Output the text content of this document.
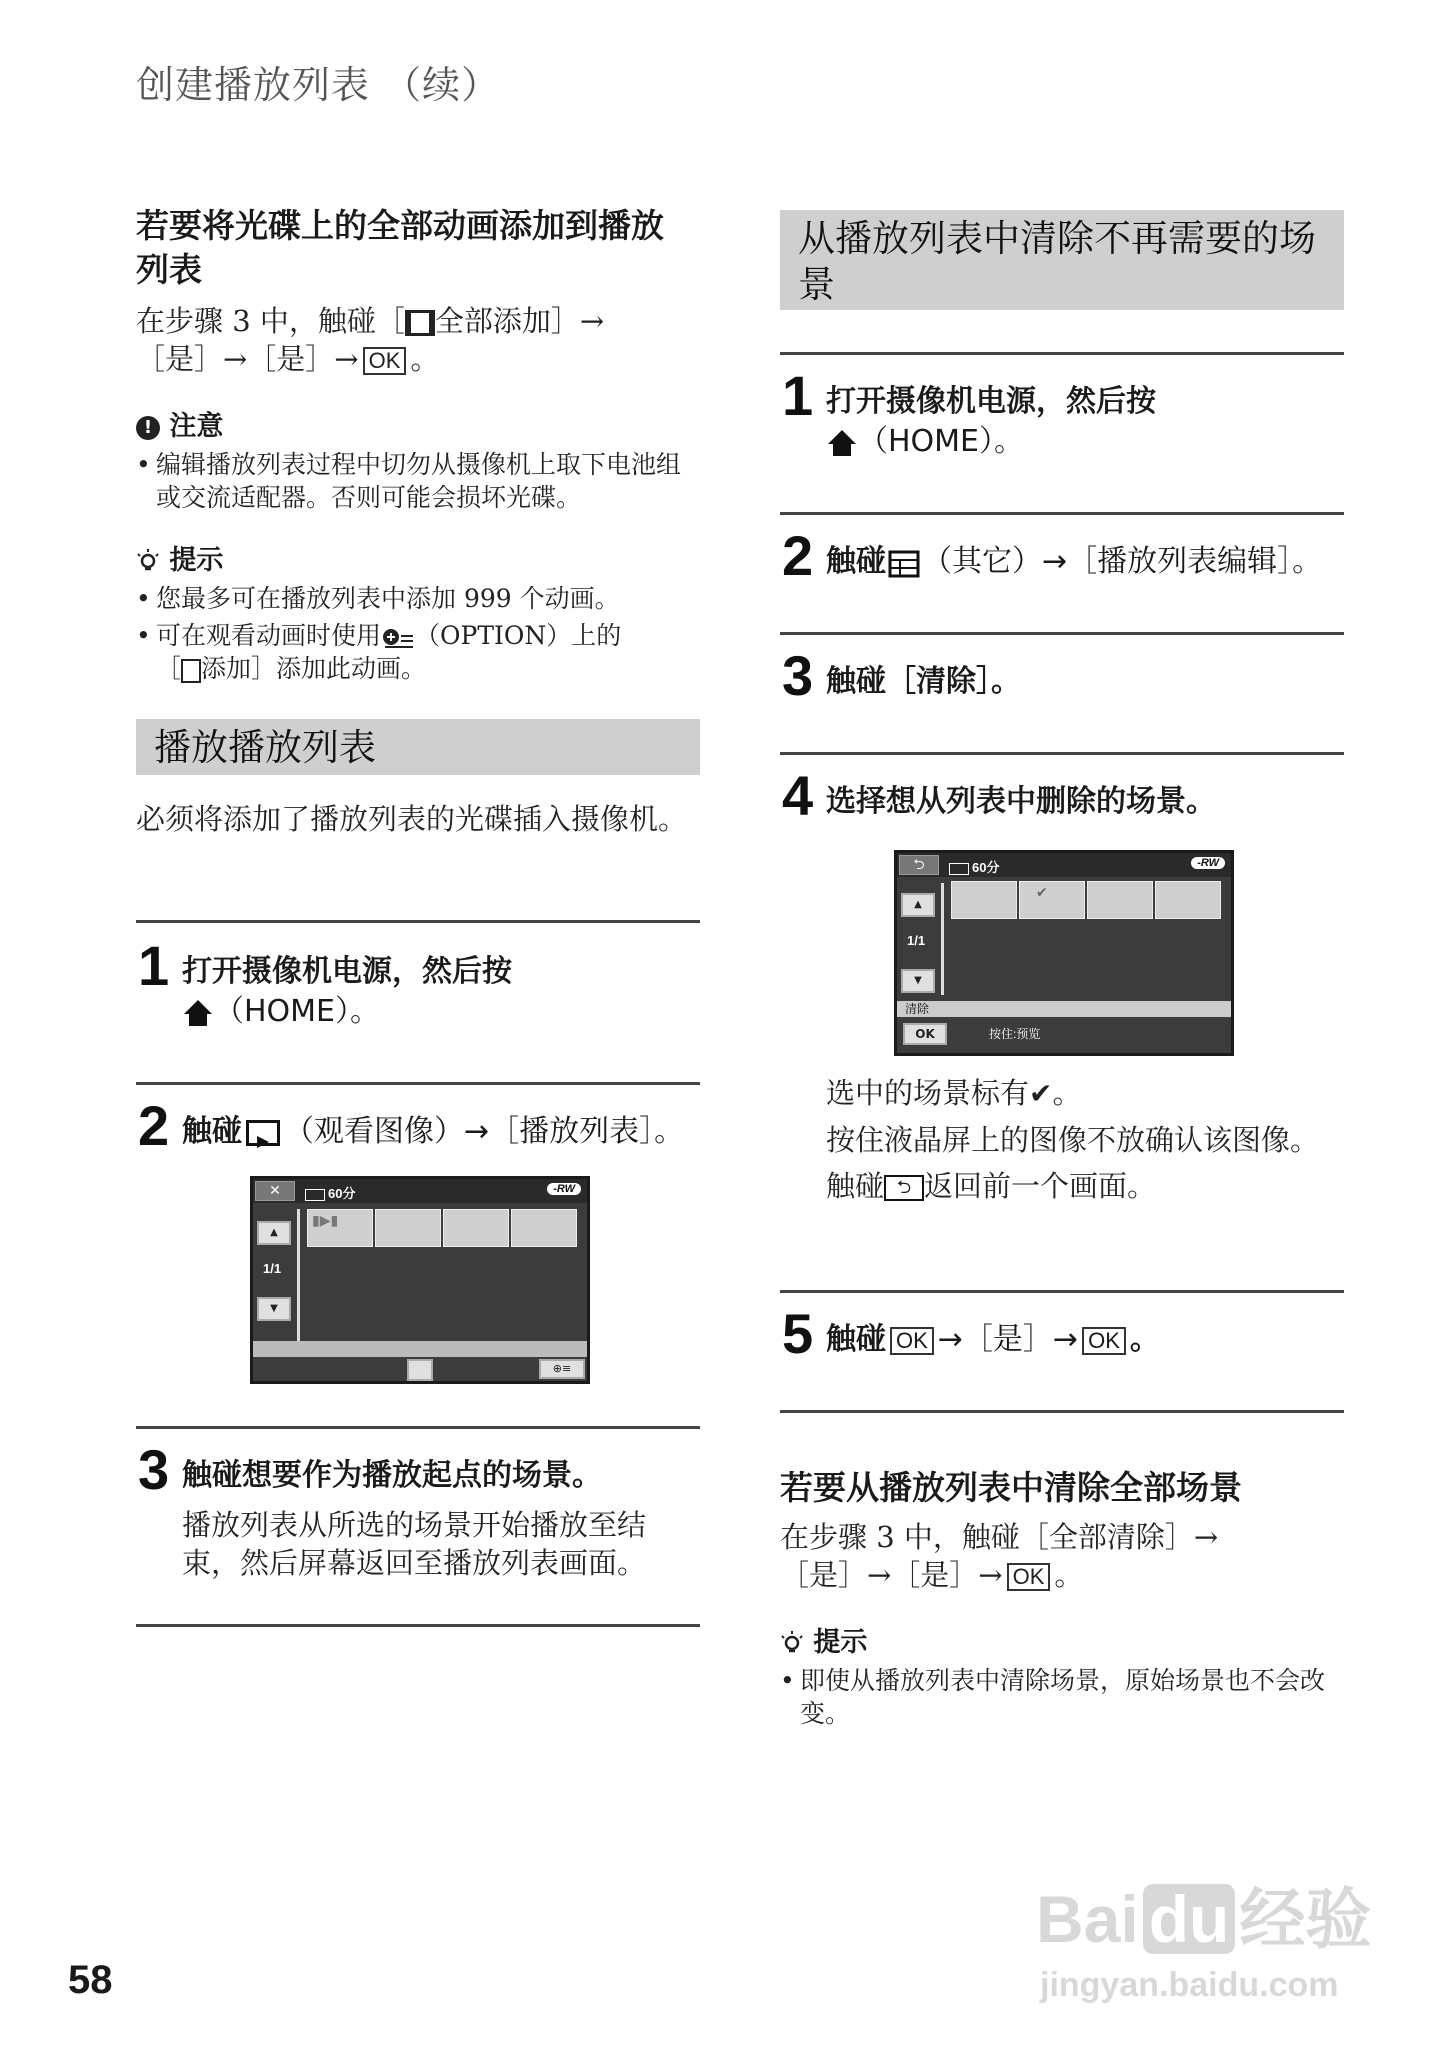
创建播放列表 （续）
若要将光碟上的全部动画添加到播放列表
在步骤 3 中，触碰［ 全部添加］→
［是］→［是］→ OK 。
! 注意
• 编辑播放列表过程中切勿从摄像机上取下电池组或交流适配器。否则可能会损坏光碟。
提示
• 您最多可在播放列表中添加 999 个动画。
• 可在观看动画时使用 （OPTION）上的
［ 添加］添加此动画。
播放播放列表
必须将添加了播放列表的光碟插入摄像机。
1 打开摄像机电源，然后按
（HOME）。
2 触碰 （观看图像）→［播放列表］。
✕	60分	-RW
▲
1/1
▼
▮▶▮
⊕≡
3 触碰想要作为播放起点的场景。
播放列表从所选的场景开始播放至结束，然后屏幕返回至播放列表画面。
从播放列表中清除不再需要的场景
1 打开摄像机电源，然后按
（HOME）。
2 触碰 （其它）→［播放列表编辑］。
3 触碰［清除］。
4 选择想从列表中删除的场景。
⮌	60分	-RW
▲
1/1
▼
✔
清除
OK	按住:预览
选中的场景标有✔。
按住液晶屏上的图像不放确认该图像。
触碰 ⮌ 返回前一个画面。
5 触碰 OK →［是］→ OK 。
若要从播放列表中清除全部场景
在步骤 3 中，触碰［全部清除］→
［是］→［是］→ OK 。
提示
• 即使从播放列表中清除场景，原始场景也不会改变。
58
Bai du 经验
jingyan.baidu.com
